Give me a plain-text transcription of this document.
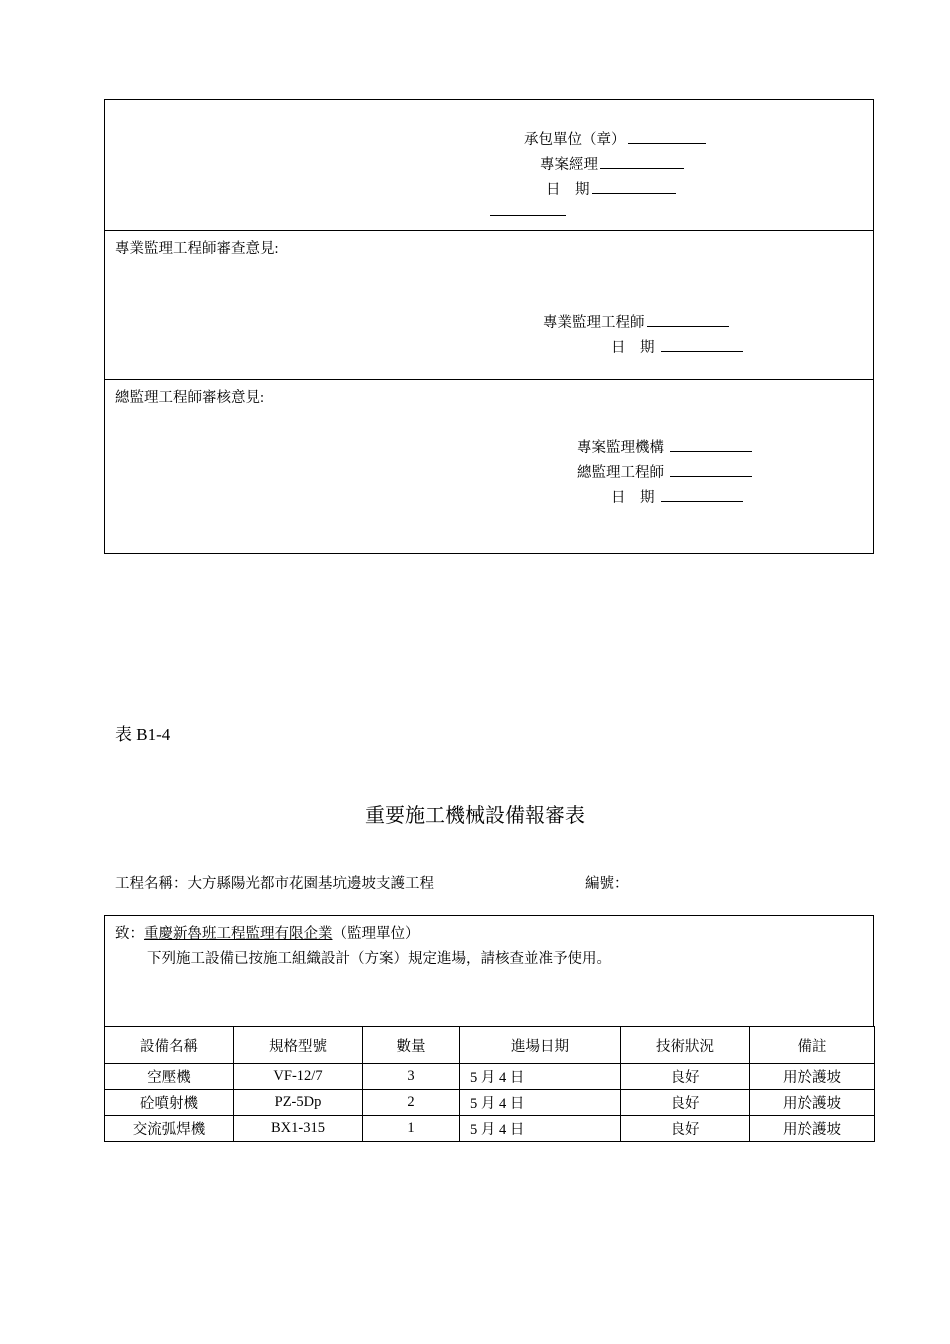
承包單位（章）
專案經理
日　期
專業監理工程師審查意見:
專業監理工程師
日　期
總監理工程師審核意見:
專案監理機構
總監理工程師
日　期
表 B1-4
重要施工機械設備報審表
工程名稱：大方縣陽光都市花園基坑邊坡支護工程	編號：
致：重慶新魯班工程監理有限企業（監理單位）
下列施工設備已按施工組織設計（方案）規定進場，請核查並准予使用。
設備名稱	規格型號	數量	進場日期	技術狀況	備註
空壓機	VF-12/7	3	5 月 4 日	良好	用於護坡
砼噴射機	PZ-5Dp	2	5 月 4 日	良好	用於護坡
交流弧焊機	BX1-315	1	5 月 4 日	良好	用於護坡
